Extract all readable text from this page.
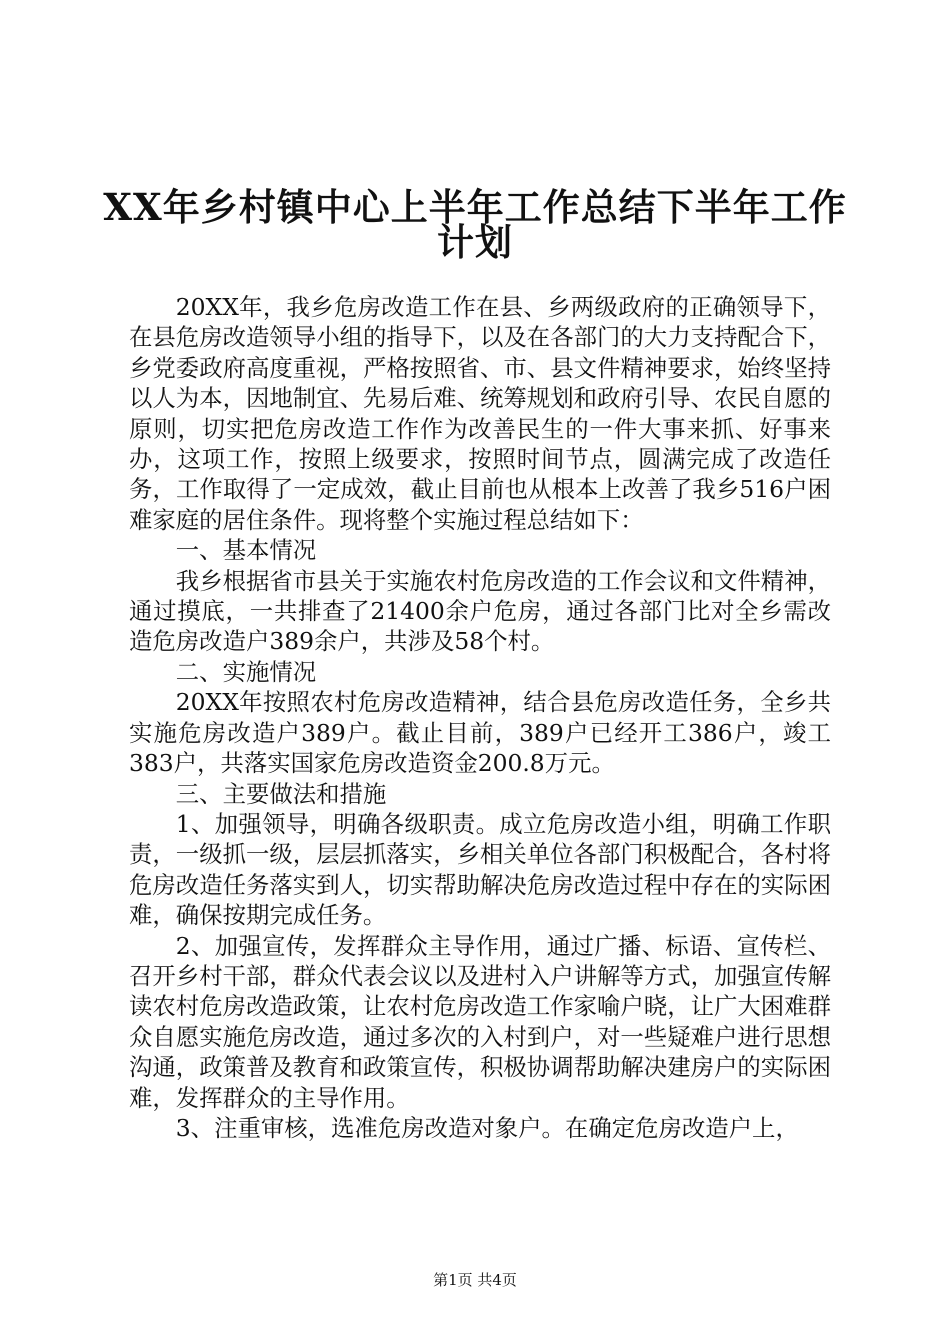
XX年乡村镇中心上半年工作总结下半年工作
计划

20XX年，我乡危房改造工作在县、乡两级政府的正确领导下，在县危房改造领导小组的指导下，以及在各部门的大力支持配合下，乡党委政府高度重视，严格按照省、市、县文件精神要求，始终坚持以人为本，因地制宜、先易后难、统筹规划和政府引导、农民自愿的原则，切实把危房改造工作作为改善民生的一件大事来抓、好事来办，这项工作，按照上级要求，按照时间节点，圆满完成了改造任务，工作取得了一定成效，截止目前也从根本上改善了我乡516户困难家庭的居住条件。现将整个实施过程总结如下：

一、基本情况

我乡根据省市县关于实施农村危房改造的工作会议和文件精神，通过摸底，一共排查了21400余户危房，通过各部门比对全乡需改造危房改造户389余户，共涉及58个村。

二、实施情况

20XX年按照农村危房改造精神，结合县危房改造任务，全乡共实施危房改造户389户。截止目前，389户已经开工386户，竣工383户，共落实国家危房改造资金200.8万元。

三、主要做法和措施

1、加强领导，明确各级职责。成立危房改造小组，明确工作职责，一级抓一级，层层抓落实，乡相关单位各部门积极配合，各村将危房改造任务落实到人，切实帮助解决危房改造过程中存在的实际困难，确保按期完成任务。

2、加强宣传，发挥群众主导作用，通过广播、标语、宣传栏、召开乡村干部，群众代表会议以及进村入户讲解等方式，加强宣传解读农村危房改造政策，让农村危房改造工作家喻户晓，让广大困难群众自愿实施危房改造，通过多次的入村到户，对一些疑难户进行思想沟通，政策普及教育和政策宣传，积极协调帮助解决建房户的实际困难，发挥群众的主导作用。

3、注重审核，选准危房改造对象户。在确定危房改造户上，

第1页 共4页
